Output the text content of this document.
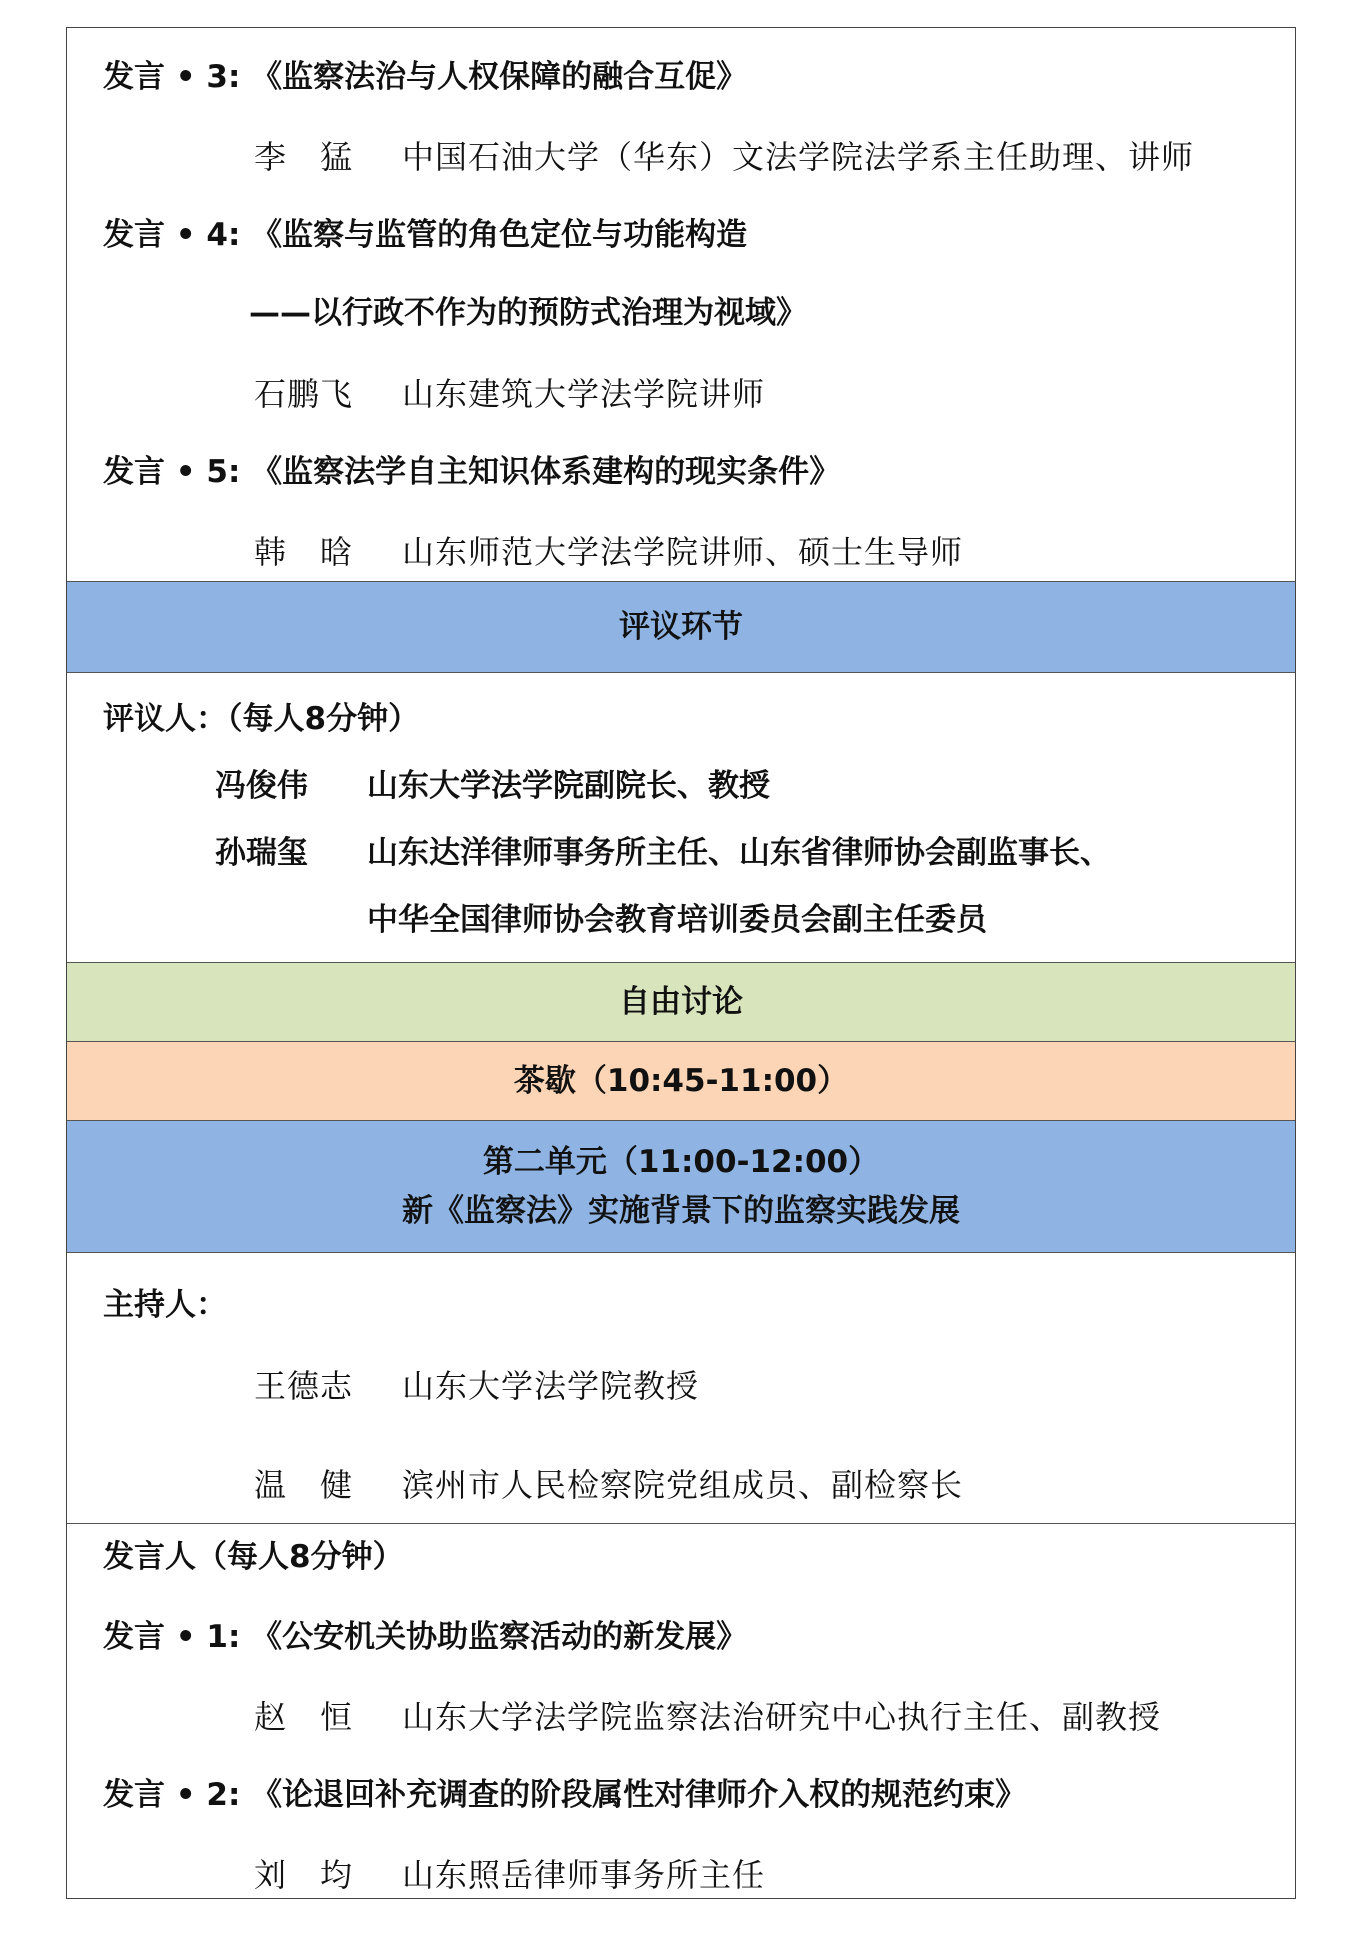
发言 • 3: 《监察法治与人权保障的融合互促》
李　猛 中国石油大学（华东）文法学院法学系主任助理、讲师
发言 • 4: 《监察与监管的角色定位与功能构造
——以行政不作为的预防式治理为视域》
石鹏飞 山东建筑大学法学院讲师
发言 • 5: 《监察法学自主知识体系建构的现实条件》
韩　晗 山东师范大学法学院讲师、硕士生导师
评议环节
评议人：（每人8分钟）
冯俊伟 山东大学法学院副院长、教授
孙瑞玺 山东达洋律师事务所主任、山东省律师协会副监事长、
中华全国律师协会教育培训委员会副主任委员
自由讨论
茶歇（10:45-11:00）
第二单元（11:00-12:00）
新《监察法》实施背景下的监察实践发展
主持人：
王德志 山东大学法学院教授
温　健 滨州市人民检察院党组成员、副检察长
发言人（每人8分钟）
发言 • 1: 《公安机关协助监察活动的新发展》
赵　恒 山东大学法学院监察法治研究中心执行主任、副教授
发言 • 2: 《论退回补充调查的阶段属性对律师介入权的规范约束》
刘　均 山东照岳律师事务所主任
